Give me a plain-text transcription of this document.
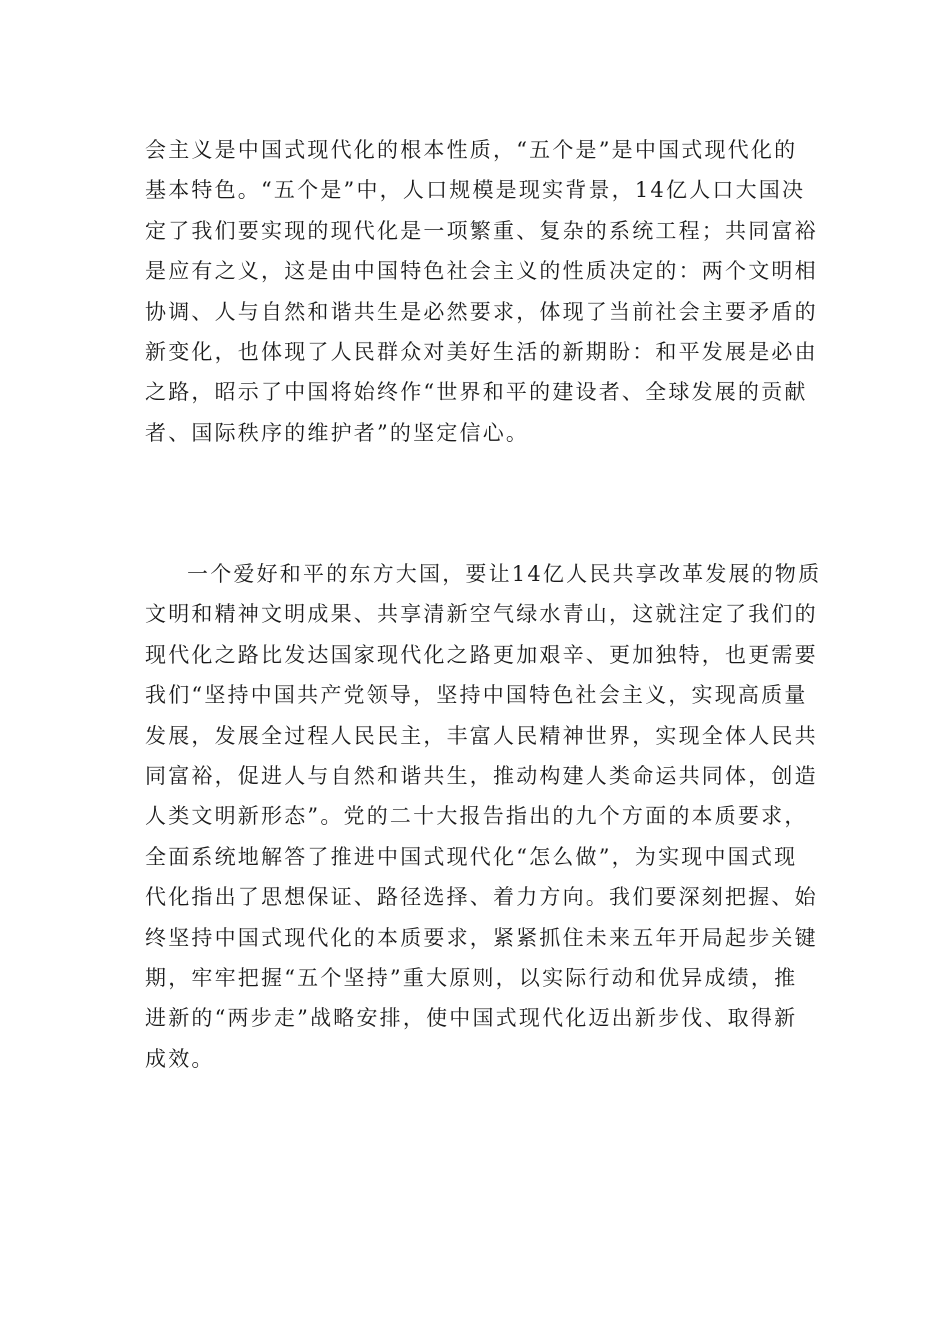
会主义是中国式现代化的根本性质，“五个是”是中国式现代化的
基本特色。“五个是”中，人口规模是现实背景，14亿人口大国决
定了我们要实现的现代化是一项繁重、复杂的系统工程；共同富裕
是应有之义，这是由中国特色社会主义的性质决定的：两个文明相
协调、人与自然和谐共生是必然要求，体现了当前社会主要矛盾的
新变化，也体现了人民群众对美好生活的新期盼：和平发展是必由
之路，昭示了中国将始终作“世界和平的建设者、全球发展的贡献
者、国际秩序的维护者”的坚定信心。
一个爱好和平的东方大国，要让14亿人民共享改革发展的物质
文明和精神文明成果、共享清新空气绿水青山，这就注定了我们的
现代化之路比发达国家现代化之路更加艰辛、更加独特，也更需要
我们“坚持中国共产党领导，坚持中国特色社会主义，实现高质量
发展，发展全过程人民民主，丰富人民精神世界，实现全体人民共
同富裕，促进人与自然和谐共生，推动构建人类命运共同体，创造
人类文明新形态”。党的二十大报告指出的九个方面的本质要求，
全面系统地解答了推进中国式现代化“怎么做”，为实现中国式现
代化指出了思想保证、路径选择、着力方向。我们要深刻把握、始
终坚持中国式现代化的本质要求，紧紧抓住未来五年开局起步关键
期，牢牢把握“五个坚持”重大原则，以实际行动和优异成绩，推
进新的“两步走”战略安排，使中国式现代化迈出新步伐、取得新
成效。
